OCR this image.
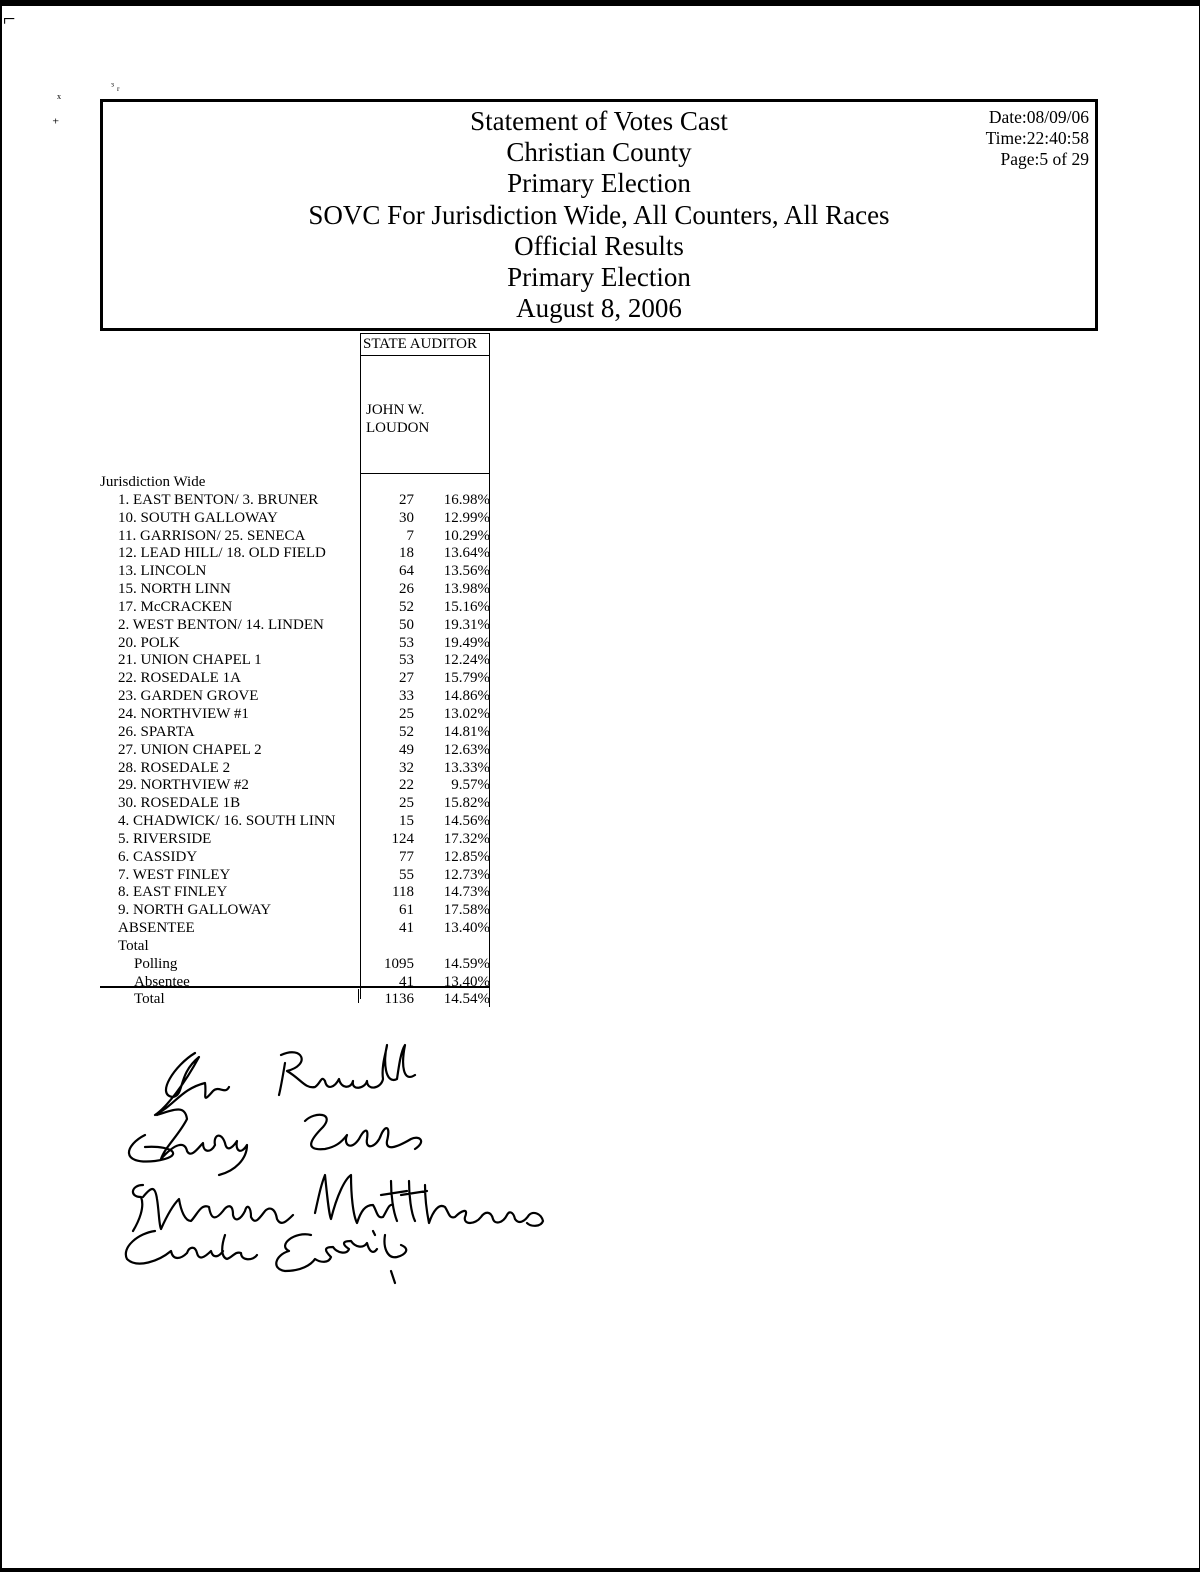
⌐
ˣ
⁺
ᵌ ᵣ
Statement of Votes Cast
Christian County
Primary Election
SOVC For Jurisdiction Wide, All Counters, All Races
Official Results
Primary Election
August 8, 2006
Date:08/09/06
Time:22:40:58
Page:5 of 29
STATE AUDITOR
JOHN W.
LOUDON
Jurisdiction Wide
1. EAST BENTON/ 3. BRUNER	27 16.98%
10. SOUTH GALLOWAY	30 12.99%
11. GARRISON/ 25. SENECA	7 10.29%
12. LEAD HILL/ 18. OLD FIELD	18 13.64%
13. LINCOLN	64 13.56%
15. NORTH LINN	26 13.98%
17. McCRACKEN	52 15.16%
2. WEST BENTON/ 14. LINDEN	50 19.31%
20. POLK	53 19.49%
21. UNION CHAPEL 1	53 12.24%
22. ROSEDALE 1A	27 15.79%
23. GARDEN GROVE	33 14.86%
24. NORTHVIEW #1	25 13.02%
26. SPARTA	52 14.81%
27. UNION CHAPEL 2	49 12.63%
28. ROSEDALE 2	32 13.33%
29. NORTHVIEW #2	22 9.57%
30. ROSEDALE 1B	25 15.82%
4. CHADWICK/ 16. SOUTH LINN	15 14.56%
5. RIVERSIDE	124 17.32%
6. CASSIDY	77 12.85%
7. WEST FINLEY	55 12.73%
8. EAST FINLEY	118 14.73%
9. NORTH GALLOWAY	61 17.58%
ABSENTEE	41 13.40%
Total
Polling	1095 14.59%
Absentee	41 13.40%
Total	1136 14.54%
